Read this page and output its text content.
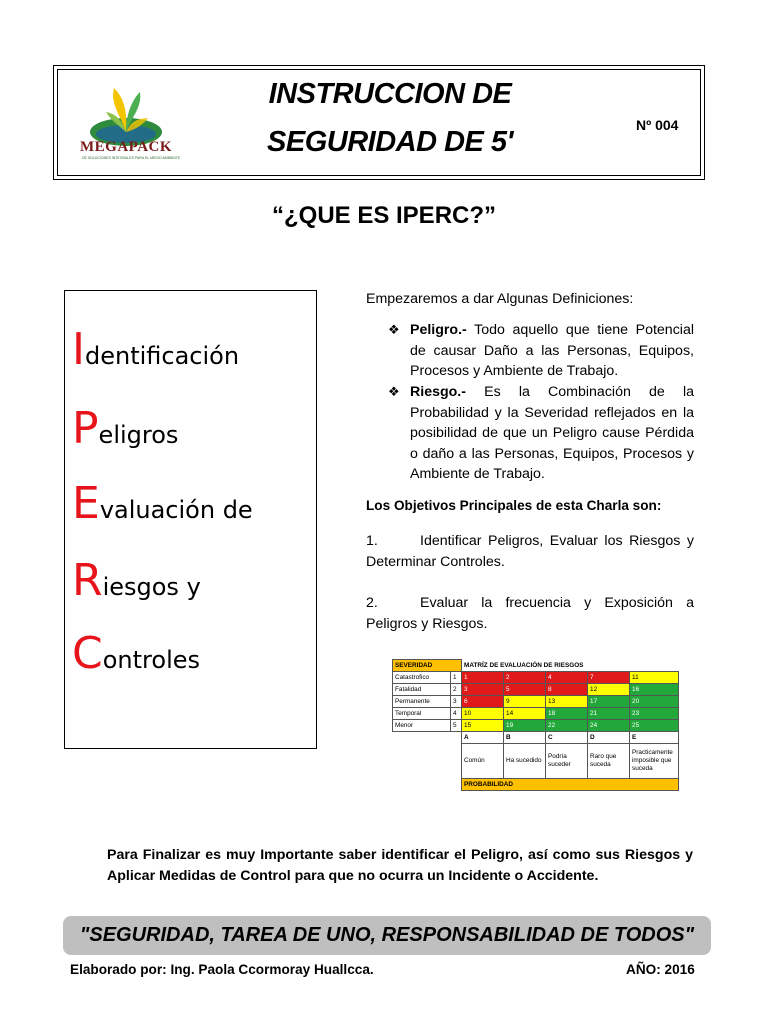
MEGAPACK
DE SOLUCIONES INTEGRALES PARA EL MEDIO AMBIENTE
INSTRUCCION DE
SEGURIDAD DE 5'
Nº 004
“¿QUE ES IPERC?”
Identificación
Peligros
Evaluación de
Riesgos y
Controles
Empezaremos a dar Algunas Definiciones:
❖ Peligro.- Todo aquello que tiene Potencial de causar Daño a las Personas, Equipos, Procesos y Ambiente de Trabajo.
❖ Riesgo.- Es la Combinación de la Probabilidad y la Severidad reflejados en la posibilidad de que un Peligro cause Pérdida o daño a las Personas, Equipos, Procesos y Ambiente de Trabajo.
Los Objetivos Principales de esta Charla son:
1.	Identificar Peligros, Evaluar los Riesgos y Determinar Controles.
2.	Evaluar la frecuencia y Exposición a Peligros y Riesgos.
SEVERIDAD		MATRÍZ DE EVALUACIÓN DE RIESGOS				
Catastrofico	1	1	2	4	7	11
Fatalidad	2	3	5	8	12	16
Permanente	3	6	9	13	17	20
Temporal	4	10	14	18	21	23
Menor	5	15	19	22	24	25
		A	B	C	D	E
		Común	Ha sucedido	Podría suceder	Raro que suceda	Practicamente imposible que suceda
		PROBABILIDAD				
Para Finalizar es muy Importante saber identificar el Peligro, así como sus Riesgos y Aplicar Medidas de Control para que no ocurra un Incidente o Accidente.
"SEGURIDAD, TAREA DE UNO, RESPONSABILIDAD DE TODOS"
Elaborado por: Ing. Paola Ccormoray Huallcca.	AÑO: 2016
